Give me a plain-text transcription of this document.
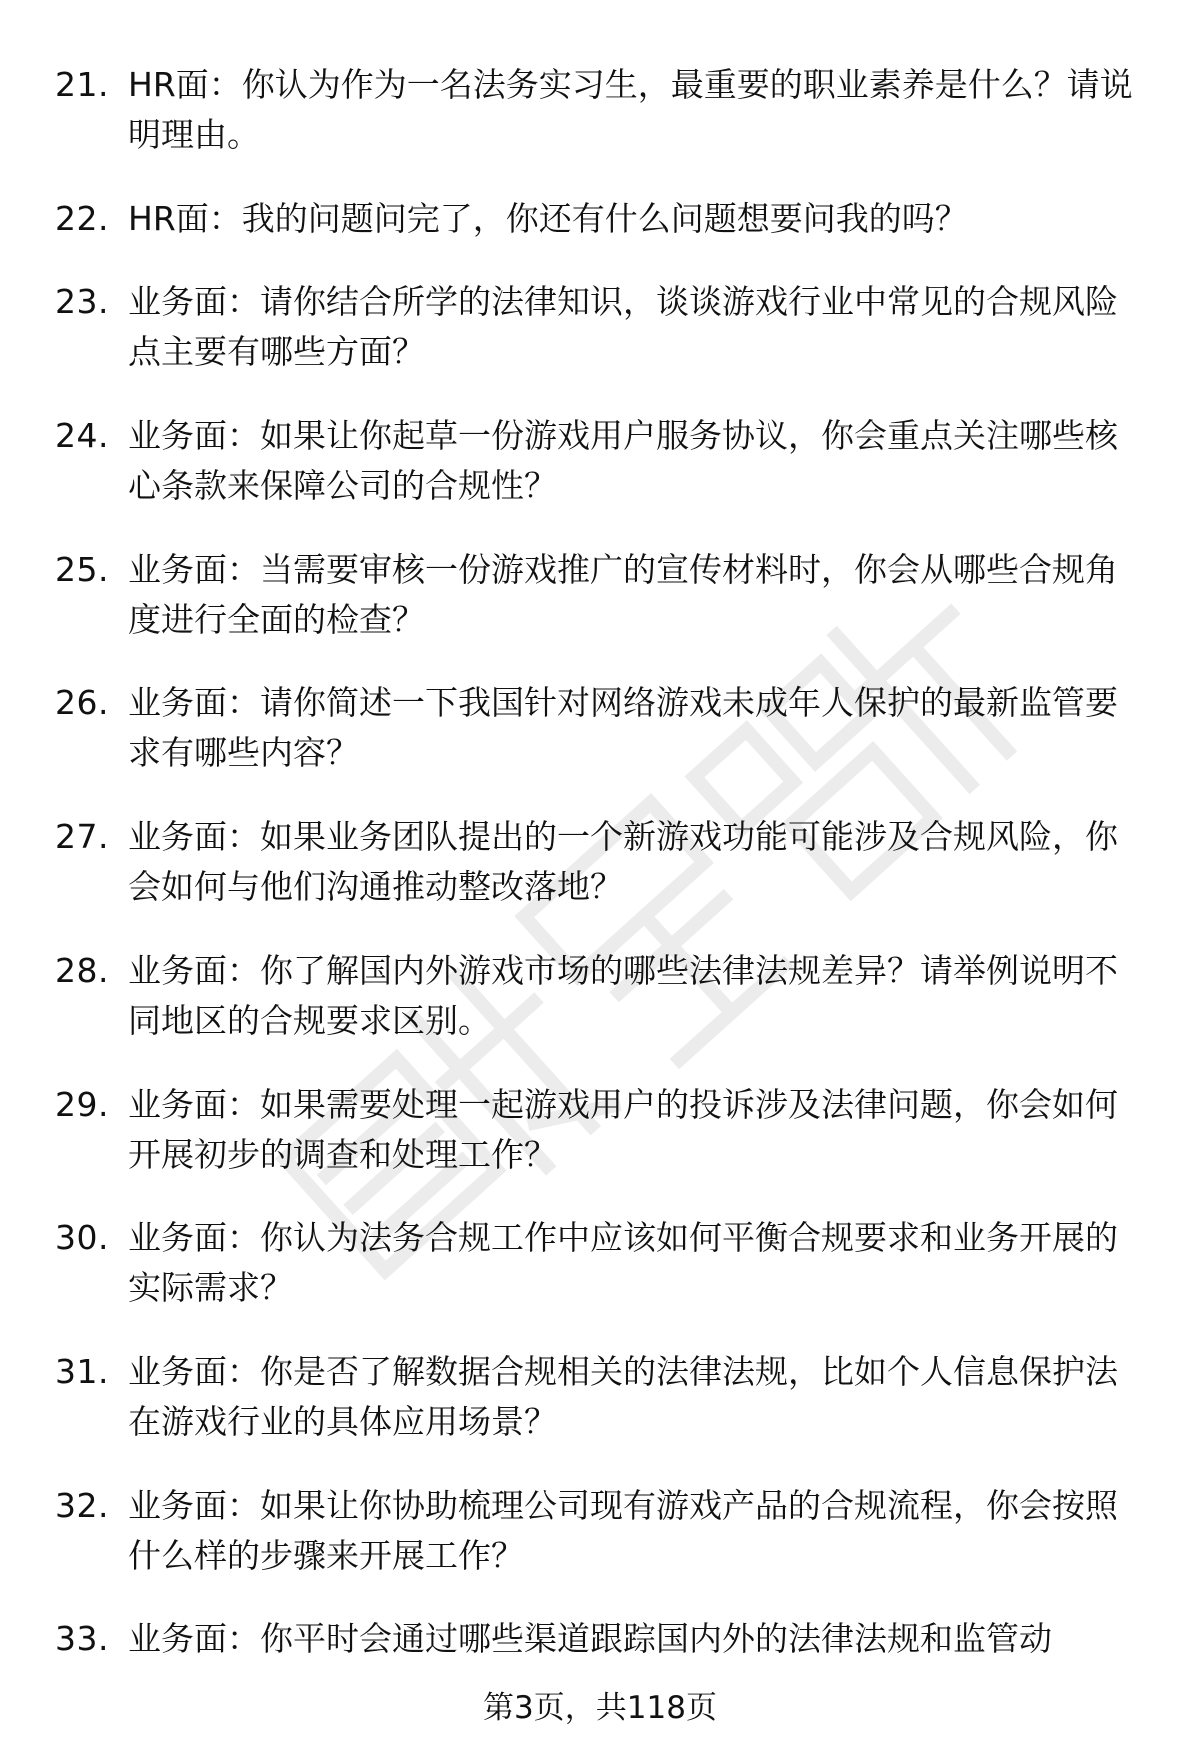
21. HR面：你认为作为一名法务实习生，最重要的职业素养是什么？请说明理由。
22. HR面：我的问题问完了，你还有什么问题想要问我的吗？
23. 业务面：请你结合所学的法律知识，谈谈游戏行业中常见的合规风险点主要有哪些方面？
24. 业务面：如果让你起草一份游戏用户服务协议，你会重点关注哪些核心条款来保障公司的合规性？
25. 业务面：当需要审核一份游戏推广的宣传材料时，你会从哪些合规角度进行全面的检查？
26. 业务面：请你简述一下我国针对网络游戏未成年人保护的最新监管要求有哪些内容？
27. 业务面：如果业务团队提出的一个新游戏功能可能涉及合规风险，你会如何与他们沟通推动整改落地？
28. 业务面：你了解国内外游戏市场的哪些法律法规差异？请举例说明不同地区的合规要求区别。
29. 业务面：如果需要处理一起游戏用户的投诉涉及法律问题，你会如何开展初步的调查和处理工作？
30. 业务面：你认为法务合规工作中应该如何平衡合规要求和业务开展的实际需求？
31. 业务面：你是否了解数据合规相关的法律法规，比如个人信息保护法在游戏行业的具体应用场景？
32. 业务面：如果让你协助梳理公司现有游戏产品的合规流程，你会按照什么样的步骤来开展工作？
33. 业务面：你平时会通过哪些渠道跟踪国内外的法律法规和监管动
第3页，共118页
